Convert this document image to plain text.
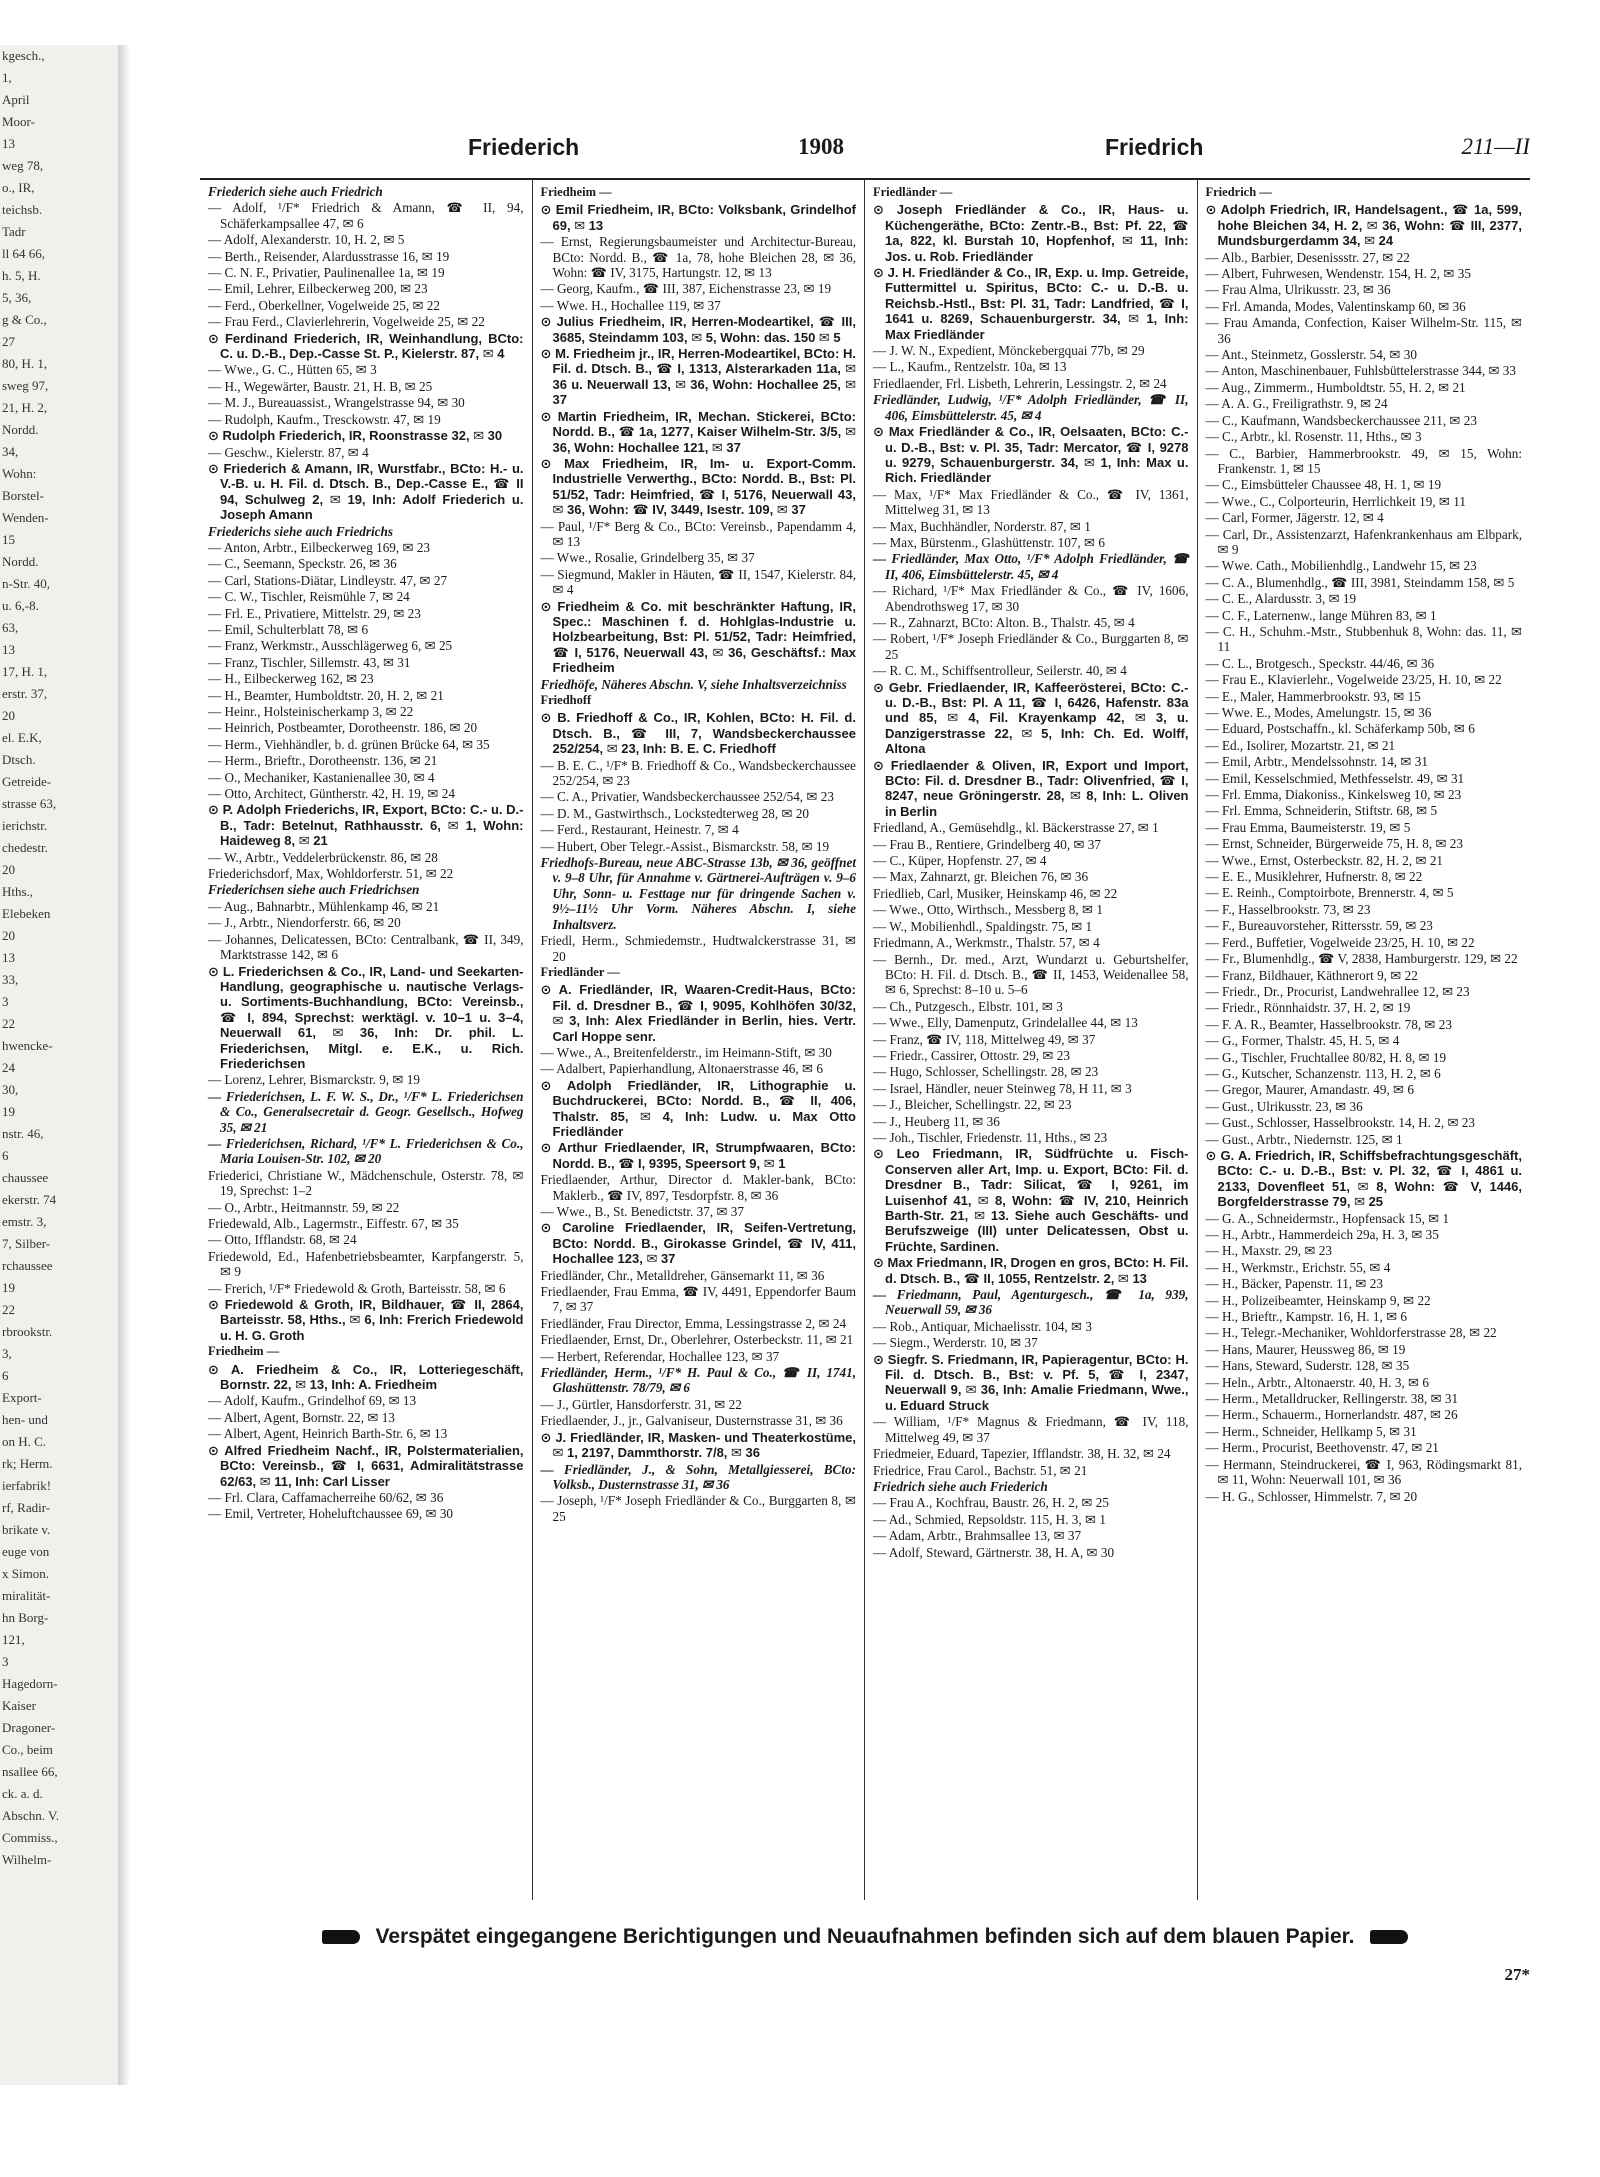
kgesch.,
1,
April
Moor-
13
weg 78,
o., IR,
teichsb.
Tadr
ll 64 66,
h. 5, H.
5, 36,
g & Co.,
27
80, H. 1,
sweg 97,
21, H. 2,
Nordd.
34,
Wohn:
Borstel-
Wenden-
15
Nordd.
n-Str. 40,
u. 6,-8.
63,
13
17, H. 1,
erstr. 37,
20
el. E.K,
Dtsch.
Getreide-
strasse 63,
ierichstr.
chedestr.
20
Hths.,
Elebeken
20
13
33,
3
22
hwencke-
24
30,
19
nstr. 46,
6
chaussee
ekerstr. 74
emstr. 3,
7, Silber-
rchaussee
19
22
rbrookstr.
3,
6
Export-
hen- und
on H. C.
rk; Herm.
ierfabrik!
rf, Radir-
brikate v.
euge von
x Simon.
miralität-
hn Borg-
121,
3
Hagedorn-
Kaiser
Dragoner-
Co., beim
nsallee 66,
ck. a. d.
Abschn. V.
Commiss.,
Wilhelm-
Friederich	1908	Friedrich	211—II
Friederich siehe auch Friedrich
— Adolf, ¹/F* Friedrich & Amann, ☎ II, 94, Schäferkampsallee 47, ✉ 6
— Adolf, Alexanderstr. 10, H. 2, ✉ 5
— Berth., Reisender, Alardusstrasse 16, ✉ 19
— C. N. F., Privatier, Paulinenallee 1a, ✉ 19
— Emil, Lehrer, Eilbeckerweg 200, ✉ 23
— Ferd., Oberkellner, Vogelweide 25, ✉ 22
— Frau Ferd., Clavierlehrerin, Vogelweide 25, ✉ 22
⊙ Ferdinand Friederich, IR, Weinhandlung, BCto: C. u. D.-B., Dep.-Casse St. P., Kielerstr. 87, ✉ 4
— Wwe., G. C., Hütten 65, ✉ 3
— H., Wegewärter, Baustr. 21, H. B, ✉ 25
— M. J., Bureauassist., Wrangelstrasse 94, ✉ 30
— Rudolph, Kaufm., Tresckowstr. 47, ✉ 19
⊙ Rudolph Friederich, IR, Roonstrasse 32, ✉ 30
— Geschw., Kielerstr. 87, ✉ 4
⊙ Friederich & Amann, IR, Wurstfabr., BCto: H.- u. V.-B. u. H. Fil. d. Dtsch. B., Dep.-Casse E., ☎ II 94, Schulweg 2, ✉ 19, Inh: Adolf Friederich u. Joseph Amann
Friederichs siehe auch Friedrichs
— Anton, Arbtr., Eilbeckerweg 169, ✉ 23
— C., Seemann, Speckstr. 26, ✉ 36
— Carl, Stations-Diätar, Lindleystr. 47, ✉ 27
— C. W., Tischler, Reismühle 7, ✉ 24
— Frl. E., Privatiere, Mittelstr. 29, ✉ 23
— Emil, Schulterblatt 78, ✉ 6
— Franz, Werkmstr., Ausschlägerweg 6, ✉ 25
— Franz, Tischler, Sillemstr. 43, ✉ 31
— H., Eilbeckerweg 162, ✉ 23
— H., Beamter, Humboldtstr. 20, H. 2, ✉ 21
— Heinr., Holsteinischerkamp 3, ✉ 22
— Heinrich, Postbeamter, Dorotheenstr. 186, ✉ 20
— Herm., Viehhändler, b. d. grünen Brücke 64, ✉ 35
— Herm., Brieftr., Dorotheenstr. 136, ✉ 21
— O., Mechaniker, Kastanienallee 30, ✉ 4
— Otto, Architect, Güntherstr. 42, H. 19, ✉ 24
⊙ P. Adolph Friederichs, IR, Export, BCto: C.- u. D.-B., Tadr: Betelnut, Rathhausstr. 6, ✉ 1, Wohn: Haideweg 8, ✉ 21
— W., Arbtr., Veddelerbrückenstr. 86, ✉ 28
Friederichsdorf, Max, Wohldorferstr. 51, ✉ 22
Friederichsen siehe auch Friedrichsen
— Aug., Bahnarbtr., Mühlenkamp 46, ✉ 21
— J., Arbtr., Niendorferstr. 66, ✉ 20
— Johannes, Delicatessen, BCto: Centralbank, ☎ II, 349, Marktstrasse 142, ✉ 6
⊙ L. Friederichsen & Co., IR, Land- und Seekarten-Handlung, geographische u. nautische Verlags- u. Sortiments-Buchhandlung, BCto: Vereinsb., ☎ I, 894, Sprechst: werktägl. v. 10–1 u. 3–4, Neuerwall 61, ✉ 36, Inh: Dr. phil. L. Friederichsen, Mitgl. e. E.K., u. Rich. Friederichsen
— Lorenz, Lehrer, Bismarckstr. 9, ✉ 19
— Friederichsen, L. F. W. S., Dr., ¹/F* L. Friederichsen & Co., Generalsecretair d. Geogr. Gesellsch., Hofweg 35, ✉ 21
— Friederichsen, Richard, ¹/F* L. Friederichsen & Co., Maria Louisen-Str. 102, ✉ 20
Friederici, Christiane W., Mädchenschule, Osterstr. 78, ✉ 19, Sprechst: 1–2
— O., Arbtr., Heitmannstr. 59, ✉ 22
Friedewald, Alb., Lagermstr., Eiffestr. 67, ✉ 35
— Otto, Ifflandstr. 68, ✉ 24
Friedewold, Ed., Hafenbetriebsbeamter, Karpfangerstr. 5, ✉ 9
— Frerich, ¹/F* Friedewold & Groth, Barteisstr. 58, ✉ 6
⊙ Friedewold & Groth, IR, Bildhauer, ☎ II, 2864, Barteisstr. 58, Hths., ✉ 6, Inh: Frerich Friedewold u. H. G. Groth
Friedheim —
⊙ A. Friedheim & Co., IR, Lotteriegeschäft, Bornstr. 22, ✉ 13, Inh: A. Friedheim
— Adolf, Kaufm., Grindelhof 69, ✉ 13
— Albert, Agent, Bornstr. 22, ✉ 13
— Albert, Agent, Heinrich Barth-Str. 6, ✉ 13
⊙ Alfred Friedheim Nachf., IR, Polstermaterialien, BCto: Vereinsb., ☎ I, 6631, Admiralitätstrasse 62/63, ✉ 11, Inh: Carl Lisser
— Frl. Clara, Caffamacherreihe 60/62, ✉ 36
— Emil, Vertreter, Hoheluftchaussee 69, ✉ 30
Friedheim —
⊙ Emil Friedheim, IR, BCto: Volksbank, Grindelhof 69, ✉ 13
— Ernst, Regierungsbaumeister und Architectur-Bureau, BCto: Nordd. B., ☎ 1a, 78, hohe Bleichen 28, ✉ 36, Wohn: ☎ IV, 3175, Hartungstr. 12, ✉ 13
— Georg, Kaufm., ☎ III, 387, Eichenstrasse 23, ✉ 19
— Wwe. H., Hochallee 119, ✉ 37
⊙ Julius Friedheim, IR, Herren-Modeartikel, ☎ III, 3685, Steindamm 103, ✉ 5, Wohn: das. 150 ✉ 5
⊙ M. Friedheim jr., IR, Herren-Modeartikel, BCto: H. Fil. d. Dtsch. B., ☎ I, 1313, Alsterarkaden 11a, ✉ 36 u. Neuerwall 13, ✉ 36, Wohn: Hochallee 25, ✉ 37
⊙ Martin Friedheim, IR, Mechan. Stickerei, BCto: Nordd. B., ☎ 1a, 1277, Kaiser Wilhelm-Str. 3/5, ✉ 36, Wohn: Hochallee 121, ✉ 37
⊙ Max Friedheim, IR, Im- u. Export-Comm. Industrielle Verwerthg., BCto: Nordd. B., Bst: Pl. 51/52, Tadr: Heimfried, ☎ I, 5176, Neuerwall 43, ✉ 36, Wohn: ☎ IV, 3449, Isestr. 109, ✉ 37
— Paul, ¹/F* Berg & Co., BCto: Vereinsb., Papendamm 4, ✉ 13
— Wwe., Rosalie, Grindelberg 35, ✉ 37
— Siegmund, Makler in Häuten, ☎ II, 1547, Kielerstr. 84, ✉ 4
⊙ Friedheim & Co. mit beschränkter Haftung, IR, Spec.: Maschinen f. d. Hohlglas-Industrie u. Holzbearbeitung, Bst: Pl. 51/52, Tadr: Heimfried, ☎ I, 5176, Neuerwall 43, ✉ 36, Geschäftsf.: Max Friedheim
Friedhöfe, Näheres Abschn. V, siehe Inhaltsverzeichniss
Friedhoff
⊙ B. Friedhoff & Co., IR, Kohlen, BCto: H. Fil. d. Dtsch. B., ☎ III, 7, Wandsbeckerchaussee 252/254, ✉ 23, Inh: B. E. C. Friedhoff
— B. E. C., ¹/F* B. Friedhoff & Co., Wandsbeckerchaussee 252/254, ✉ 23
— C. A., Privatier, Wandsbeckerchaussee 252/54, ✉ 23
— D. M., Gastwirthsch., Lockstedterweg 28, ✉ 20
— Ferd., Restaurant, Heinestr. 7, ✉ 4
— Hubert, Ober Telegr.-Assist., Bismarckstr. 58, ✉ 19
Friedhofs-Bureau, neue ABC-Strasse 13b, ✉ 36, geöffnet v. 9–8 Uhr, für Annahme v. Gärtnerei-Aufträgen v. 9–6 Uhr, Sonn- u. Festtage nur für dringende Sachen v. 9½–11½ Uhr Vorm. Näheres Abschn. I, siehe Inhaltsverz.
Friedl, Herm., Schmiedemstr., Hudtwalckerstrasse 31, ✉ 20
Friedländer —
⊙ A. Friedländer, IR, Waaren-Credit-Haus, BCto: Fil. d. Dresdner B., ☎ I, 9095, Kohlhöfen 30/32, ✉ 3, Inh: Alex Friedländer in Berlin, hies. Vertr. Carl Hoppe senr.
— Wwe., A., Breitenfelderstr., im Heimann-Stift, ✉ 30
— Adalbert, Papierhandlung, Altonaerstrasse 46, ✉ 6
⊙ Adolph Friedländer, IR, Lithographie u. Buchdruckerei, BCto: Nordd. B., ☎ II, 406, Thalstr. 85, ✉ 4, Inh: Ludw. u. Max Otto Friedländer
⊙ Arthur Friedlaender, IR, Strumpfwaaren, BCto: Nordd. B., ☎ I, 9395, Speersort 9, ✉ 1
Friedlaender, Arthur, Director d. Makler-bank, BCto: Maklerb., ☎ IV, 897, Tesdorpfstr. 8, ✉ 36
— Wwe., B., St. Benedictstr. 37, ✉ 37
⊙ Caroline Friedlaender, IR, Seifen-Vertretung, BCto: Nordd. B., Girokasse Grindel, ☎ IV, 411, Hochallee 123, ✉ 37
Friedländer, Chr., Metalldreher, Gänsemarkt 11, ✉ 36
Friedlaender, Frau Emma, ☎ IV, 4491, Eppendorfer Baum 7, ✉ 37
Friedländer, Frau Director, Emma, Lessingstrasse 2, ✉ 24
Friedlaender, Ernst, Dr., Oberlehrer, Osterbeckstr. 11, ✉ 21
— Herbert, Referendar, Hochallee 123, ✉ 37
Friedländer, Herm., ¹/F* H. Paul & Co., ☎ II, 1741, Glashüttenstr. 78/79, ✉ 6
— J., Gürtler, Hansdorferstr. 31, ✉ 22
Friedlaender, J., jr., Galvaniseur, Dusternstrasse 31, ✉ 36
⊙ J. Friedländer, IR, Masken- und Theaterkostüme, ✉ 1, 2197, Dammthorstr. 7/8, ✉ 36
— Friedländer, J., & Sohn, Metallgiesserei, BCto: Volksb., Dusternstrasse 31, ✉ 36
— Joseph, ¹/F* Joseph Friedländer & Co., Burggarten 8, ✉ 25
Friedländer —
⊙ Joseph Friedländer & Co., IR, Haus- u. Küchengeräthe, BCto: Zentr.-B., Bst: Pf. 22, ☎ 1a, 822, kl. Burstah 10, Hopfenhof, ✉ 11, Inh: Jos. u. Rob. Friedländer
⊙ J. H. Friedländer & Co., IR, Exp. u. Imp. Getreide, Futtermittel u. Spiritus, BCto: C.- u. D.-B. u. Reichsb.-Hstl., Bst: Pl. 31, Tadr: Landfried, ☎ I, 1641 u. 8269, Schauenburgerstr. 34, ✉ 1, Inh: Max Friedländer
— J. W. N., Expedient, Mönckebergquai 77b, ✉ 29
— L., Kaufm., Rentzelstr. 10a, ✉ 13
Friedlaender, Frl. Lisbeth, Lehrerin, Lessingstr. 2, ✉ 24
Friedländer, Ludwig, ¹/F* Adolph Friedländer, ☎ II, 406, Eimsbüttelerstr. 45, ✉ 4
⊙ Max Friedländer & Co., IR, Oelsaaten, BCto: C.- u. D.-B., Bst: v. Pl. 35, Tadr: Mercator, ☎ I, 9278 u. 9279, Schauenburgerstr. 34, ✉ 1, Inh: Max u. Rich. Friedländer
— Max, ¹/F* Max Friedländer & Co., ☎ IV, 1361, Mittelweg 31, ✉ 13
— Max, Buchhändler, Norderstr. 87, ✉ 1
— Max, Bürstenm., Glashüttenstr. 107, ✉ 6
— Friedländer, Max Otto, ¹/F* Adolph Friedländer, ☎ II, 406, Eimsbüttelerstr. 45, ✉ 4
— Richard, ¹/F* Max Friedländer & Co., ☎ IV, 1606, Abendrothsweg 17, ✉ 30
— R., Zahnarzt, BCto: Alton. B., Thalstr. 45, ✉ 4
— Robert, ¹/F* Joseph Friedländer & Co., Burggarten 8, ✉ 25
— R. C. M., Schiffsentrolleur, Seilerstr. 40, ✉ 4
⊙ Gebr. Friedlaender, IR, Kaffeerösterei, BCto: C.- u. D.-B., Bst: Pl. A 11, ☎ I, 6426, Hafenstr. 83a und 85, ✉ 4, Fil. Krayenkamp 42, ✉ 3, u. Danzigerstrasse 22, ✉ 5, Inh: Ch. Ed. Wolff, Altona
⊙ Friedlaender & Oliven, IR, Export und Import, BCto: Fil. d. Dresdner B., Tadr: Olivenfried, ☎ I, 8247, neue Gröningerstr. 28, ✉ 8, Inh: L. Oliven in Berlin
Friedland, A., Gemüsehdlg., kl. Bäckerstrasse 27, ✉ 1
— Frau B., Rentiere, Grindelberg 40, ✉ 37
— C., Küper, Hopfenstr. 27, ✉ 4
— Max, Zahnarzt, gr. Bleichen 76, ✉ 36
Friedlieb, Carl, Musiker, Heinskamp 46, ✉ 22
— Wwe., Otto, Wirthsch., Messberg 8, ✉ 1
— W., Mobilienhdl., Spaldingstr. 75, ✉ 1
Friedmann, A., Werkmstr., Thalstr. 57, ✉ 4
— Bernh., Dr. med., Arzt, Wundarzt u. Geburtshelfer, BCto: H. Fil. d. Dtsch. B., ☎ II, 1453, Weidenallee 58, ✉ 6, Sprechst: 8–10 u. 5–6
— Ch., Putzgesch., Elbstr. 101, ✉ 3
— Wwe., Elly, Damenputz, Grindelallee 44, ✉ 13
— Franz, ☎ IV, 118, Mittelweg 49, ✉ 37
— Friedr., Cassirer, Ottostr. 29, ✉ 23
— Hugo, Schlosser, Schellingstr. 28, ✉ 23
— Israel, Händler, neuer Steinweg 78, H 11, ✉ 3
— J., Bleicher, Schellingstr. 22, ✉ 23
— J., Heuberg 11, ✉ 36
— Joh., Tischler, Friedenstr. 11, Hths., ✉ 23
⊙ Leo Friedmann, IR, Südfrüchte u. Fisch-Conserven aller Art, Imp. u. Export, BCto: Fil. d. Dresdner B., Tadr: Silicat, ☎ I, 9261, im Luisenhof 41, ✉ 8, Wohn: ☎ IV, 210, Heinrich Barth-Str. 21, ✉ 13. Siehe auch Geschäfts- und Berufszweige (III) unter Delicatessen, Obst u. Früchte, Sardinen.
⊙ Max Friedmann, IR, Drogen en gros, BCto: H. Fil. d. Dtsch. B., ☎ II, 1055, Rentzelstr. 2, ✉ 13
— Friedmann, Paul, Agenturgesch., ☎ 1a, 939, Neuerwall 59, ✉ 36
— Rob., Antiquar, Michaelisstr. 104, ✉ 3
— Siegm., Werderstr. 10, ✉ 37
⊙ Siegfr. S. Friedmann, IR, Papieragentur, BCto: H. Fil. d. Dtsch. B., Bst: v. Pf. 5, ☎ I, 2347, Neuerwall 9, ✉ 36, Inh: Amalie Friedmann, Wwe., u. Eduard Struck
— William, ¹/F* Magnus & Friedmann, ☎ IV, 118, Mittelweg 49, ✉ 37
Friedmeier, Eduard, Tapezier, Ifflandstr. 38, H. 32, ✉ 24
Friedrice, Frau Carol., Bachstr. 51, ✉ 21
Friedrich siehe auch Friederich
— Frau A., Kochfrau, Baustr. 26, H. 2, ✉ 25
— Ad., Schmied, Repsoldstr. 115, H. 3, ✉ 1
— Adam, Arbtr., Brahmsallee 13, ✉ 37
— Adolf, Steward, Gärtnerstr. 38, H. A, ✉ 30
Friedrich —
⊙ Adolph Friedrich, IR, Handelsagent., ☎ 1a, 599, hohe Bleichen 34, H. 2, ✉ 36, Wohn: ☎ III, 2377, Mundsburgerdamm 34, ✉ 24
— Alb., Barbier, Desenissstr. 27, ✉ 22
— Albert, Fuhrwesen, Wendenstr. 154, H. 2, ✉ 35
— Frau Alma, Ulrikusstr. 23, ✉ 36
— Frl. Amanda, Modes, Valentinskamp 60, ✉ 36
— Frau Amanda, Confection, Kaiser Wilhelm-Str. 115, ✉ 36
— Ant., Steinmetz, Gosslerstr. 54, ✉ 30
— Anton, Maschinenbauer, Fuhlsbüttelerstrasse 344, ✉ 33
— Aug., Zimmerm., Humboldtstr. 55, H. 2, ✉ 21
— A. A. G., Freiligrathstr. 9, ✉ 24
— C., Kaufmann, Wandsbeckerchaussee 211, ✉ 23
— C., Arbtr., kl. Rosenstr. 11, Hths., ✉ 3
— C., Barbier, Hammerbrookstr. 49, ✉ 15, Wohn: Frankenstr. 1, ✉ 15
— C., Eimsbütteler Chaussee 48, H. 1, ✉ 19
— Wwe., C., Colporteurin, Herrlichkeit 19, ✉ 11
— Carl, Former, Jägerstr. 12, ✉ 4
— Carl, Dr., Assistenzarzt, Hafenkrankenhaus am Elbpark, ✉ 9
— Wwe. Cath., Mobilienhdlg., Landwehr 15, ✉ 23
— C. A., Blumenhdlg., ☎ III, 3981, Steindamm 158, ✉ 5
— C. E., Alardusstr. 3, ✉ 19
— C. F., Laternenw., lange Mühren 83, ✉ 1
— C. H., Schuhm.-Mstr., Stubbenhuk 8, Wohn: das. 11, ✉ 11
— C. L., Brotgesch., Speckstr. 44/46, ✉ 36
— Frau E., Klavierlehr., Vogelweide 23/25, H. 10, ✉ 22
— E., Maler, Hammerbrookstr. 93, ✉ 15
— Wwe. E., Modes, Amelungstr. 15, ✉ 36
— Eduard, Postschaffn., kl. Schäferkamp 50b, ✉ 6
— Ed., Isolirer, Mozartstr. 21, ✉ 21
— Emil, Arbtr., Mendelssohnstr. 14, ✉ 31
— Emil, Kesselschmied, Methfesselstr. 49, ✉ 31
— Frl. Emma, Diakoniss., Kinkelsweg 10, ✉ 23
— Frl. Emma, Schneiderin, Stiftstr. 68, ✉ 5
— Frau Emma, Baumeisterstr. 19, ✉ 5
— Ernst, Schneider, Bürgerweide 75, H. 8, ✉ 23
— Wwe., Ernst, Osterbeckstr. 82, H. 2, ✉ 21
— E. E., Musiklehrer, Hufnerstr. 8, ✉ 22
— E. Reinh., Comptoirbote, Brennerstr. 4, ✉ 5
— F., Hasselbrookstr. 73, ✉ 23
— F., Bureauvorsteher, Rittersstr. 59, ✉ 23
— Ferd., Buffetier, Vogelweide 23/25, H. 10, ✉ 22
— Fr., Blumenhdlg., ☎ V, 2838, Hamburgerstr. 129, ✉ 22
— Franz, Bildhauer, Käthnerort 9, ✉ 22
— Friedr., Dr., Procurist, Landwehrallee 12, ✉ 23
— Friedr., Rönnhaidstr. 37, H. 2, ✉ 19
— F. A. R., Beamter, Hasselbrookstr. 78, ✉ 23
— G., Former, Thalstr. 45, H. 5, ✉ 4
— G., Tischler, Fruchtallee 80/82, H. 8, ✉ 19
— G., Kutscher, Schanzenstr. 113, H. 2, ✉ 6
— Gregor, Maurer, Amandastr. 49, ✉ 6
— Gust., Ulrikusstr. 23, ✉ 36
— Gust., Schlosser, Hasselbrookstr. 14, H. 2, ✉ 23
— Gust., Arbtr., Niedernstr. 125, ✉ 1
⊙ G. A. Friedrich, IR, Schiffsbefrachtungsgeschäft, BCto: C.- u. D.-B., Bst: v. Pl. 32, ☎ I, 4861 u. 2133, Dovenfleet 51, ✉ 8, Wohn: ☎ V, 1446, Borgfelderstrasse 79, ✉ 25
— G. A., Schneidermstr., Hopfensack 15, ✉ 1
— H., Arbtr., Hammerdeich 29a, H. 3, ✉ 35
— H., Maxstr. 29, ✉ 23
— H., Werkmstr., Erichstr. 55, ✉ 4
— H., Bäcker, Papenstr. 11, ✉ 23
— H., Polizeibeamter, Heinskamp 9, ✉ 22
— H., Brieftr., Kampstr. 16, H. 1, ✉ 6
— H., Telegr.-Mechaniker, Wohldorferstrasse 28, ✉ 22
— Hans, Maurer, Heussweg 86, ✉ 19
— Hans, Steward, Suderstr. 128, ✉ 35
— Heln., Arbtr., Altonaerstr. 40, H. 3, ✉ 6
— Herm., Metalldrucker, Rellingerstr. 38, ✉ 31
— Herm., Schauerm., Hornerlandstr. 487, ✉ 26
— Herm., Schneider, Hellkamp 5, ✉ 31
— Herm., Procurist, Beethovenstr. 47, ✉ 21
— Hermann, Steindruckerei, ☎ I, 963, Rödingsmarkt 81, ✉ 11, Wohn: Neuerwall 101, ✉ 36
— H. G., Schlosser, Himmelstr. 7, ✉ 20
Verspätet eingegangene Berichtigungen und Neuaufnahmen befinden sich auf dem blauen Papier.
27*
